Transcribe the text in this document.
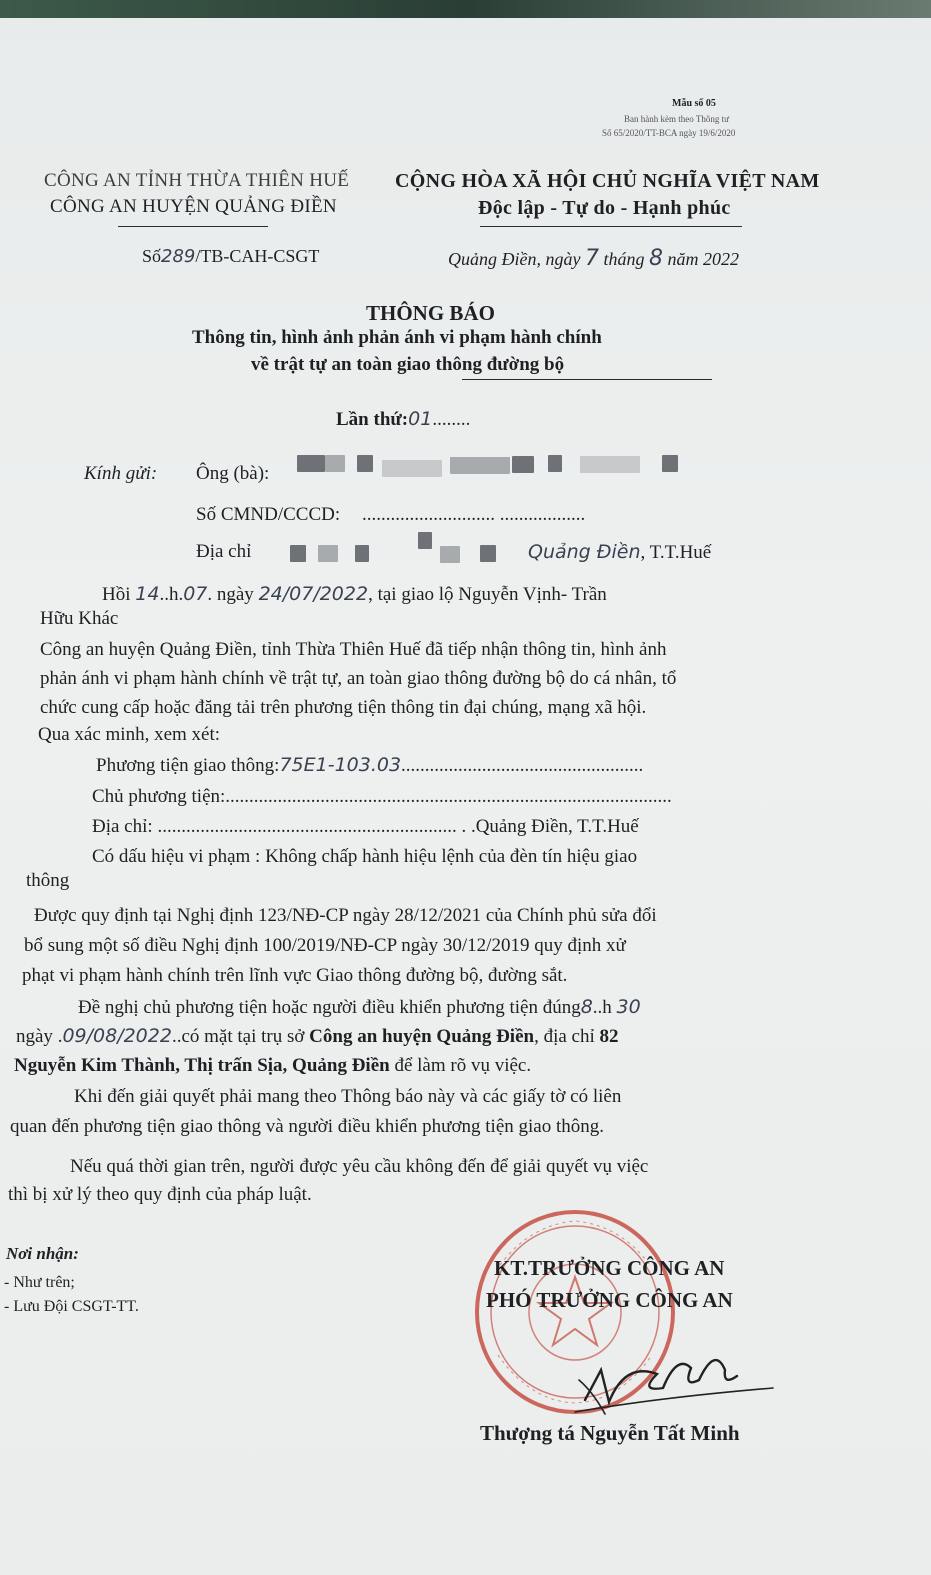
Mẫu số 05
Ban hành kèm theo Thông tư
Số 65/2020/TT-BCA ngày 19/6/2020
CÔNG AN TỈNH THỪA THIÊN HUẾ
CÔNG AN HUYỆN QUẢNG ĐIỀN
CỘNG HÒA XÃ HỘI CHỦ NGHĨA VIỆT NAM
Độc lập - Tự do - Hạnh phúc
Số289/TB-CAH-CSGT	Quảng Điền, ngày 7 tháng 8 năm 2022
THÔNG BÁO
Thông tin, hình ảnh phản ánh vi phạm hành chính
về trật tự an toàn giao thông đường bộ
Lần thứ:01........
Kính gửi: Ông (bà):
Số CMND/CCCD: ............................ ..................
Địa chỉ	Quảng Điền, T.T.Huế
Hồi 14..h.07. ngày 24/07/2022, tại giao lộ Nguyễn Vịnh- Trần
Hữu Khác
Công an huyện Quảng Điền, tỉnh Thừa Thiên Huế đã tiếp nhận thông tin, hình ảnh
phản ánh vi phạm hành chính về trật tự, an toàn giao thông đường bộ do cá nhân, tổ
chức cung cấp hoặc đăng tải trên phương tiện thông tin đại chúng, mạng xã hội.
Qua xác minh, xem xét:
Phương tiện giao thông:75E1-103.03...................................................
Chủ phương tiện:..............................................................................................
Địa chỉ: ............................................................... . .Quảng Điền, T.T.Huế
Có dấu hiệu vi phạm : Không chấp hành hiệu lệnh của đèn tín hiệu giao
thông
Được quy định tại Nghị định 123/NĐ-CP ngày 28/12/2021 của Chính phủ sửa đổi
bổ sung một số điều Nghị định 100/2019/NĐ-CP ngày 30/12/2019 quy định xử
phạt vi phạm hành chính trên lĩnh vực Giao thông đường bộ, đường sắt.
Đề nghị chủ phương tiện hoặc người điều khiển phương tiện đúng8..h 30
ngày .09/08/2022..có mặt tại trụ sở Công an huyện Quảng Điền, địa chỉ 82
Nguyễn Kim Thành, Thị trấn Sịa, Quảng Điền để làm rõ vụ việc.
Khi đến giải quyết phải mang theo Thông báo này và các giấy tờ có liên
quan đến phương tiện giao thông và người điều khiển phương tiện giao thông.
Nếu quá thời gian trên, người được yêu cầu không đến để giải quyết vụ việc
thì bị xử lý theo quy định của pháp luật.
Nơi nhận:
- Như trên;
- Lưu Đội CSGT-TT.
KT.TRƯỞNG CÔNG AN
PHÓ TRƯỞNG CÔNG AN
Thượng tá Nguyễn Tất Minh
